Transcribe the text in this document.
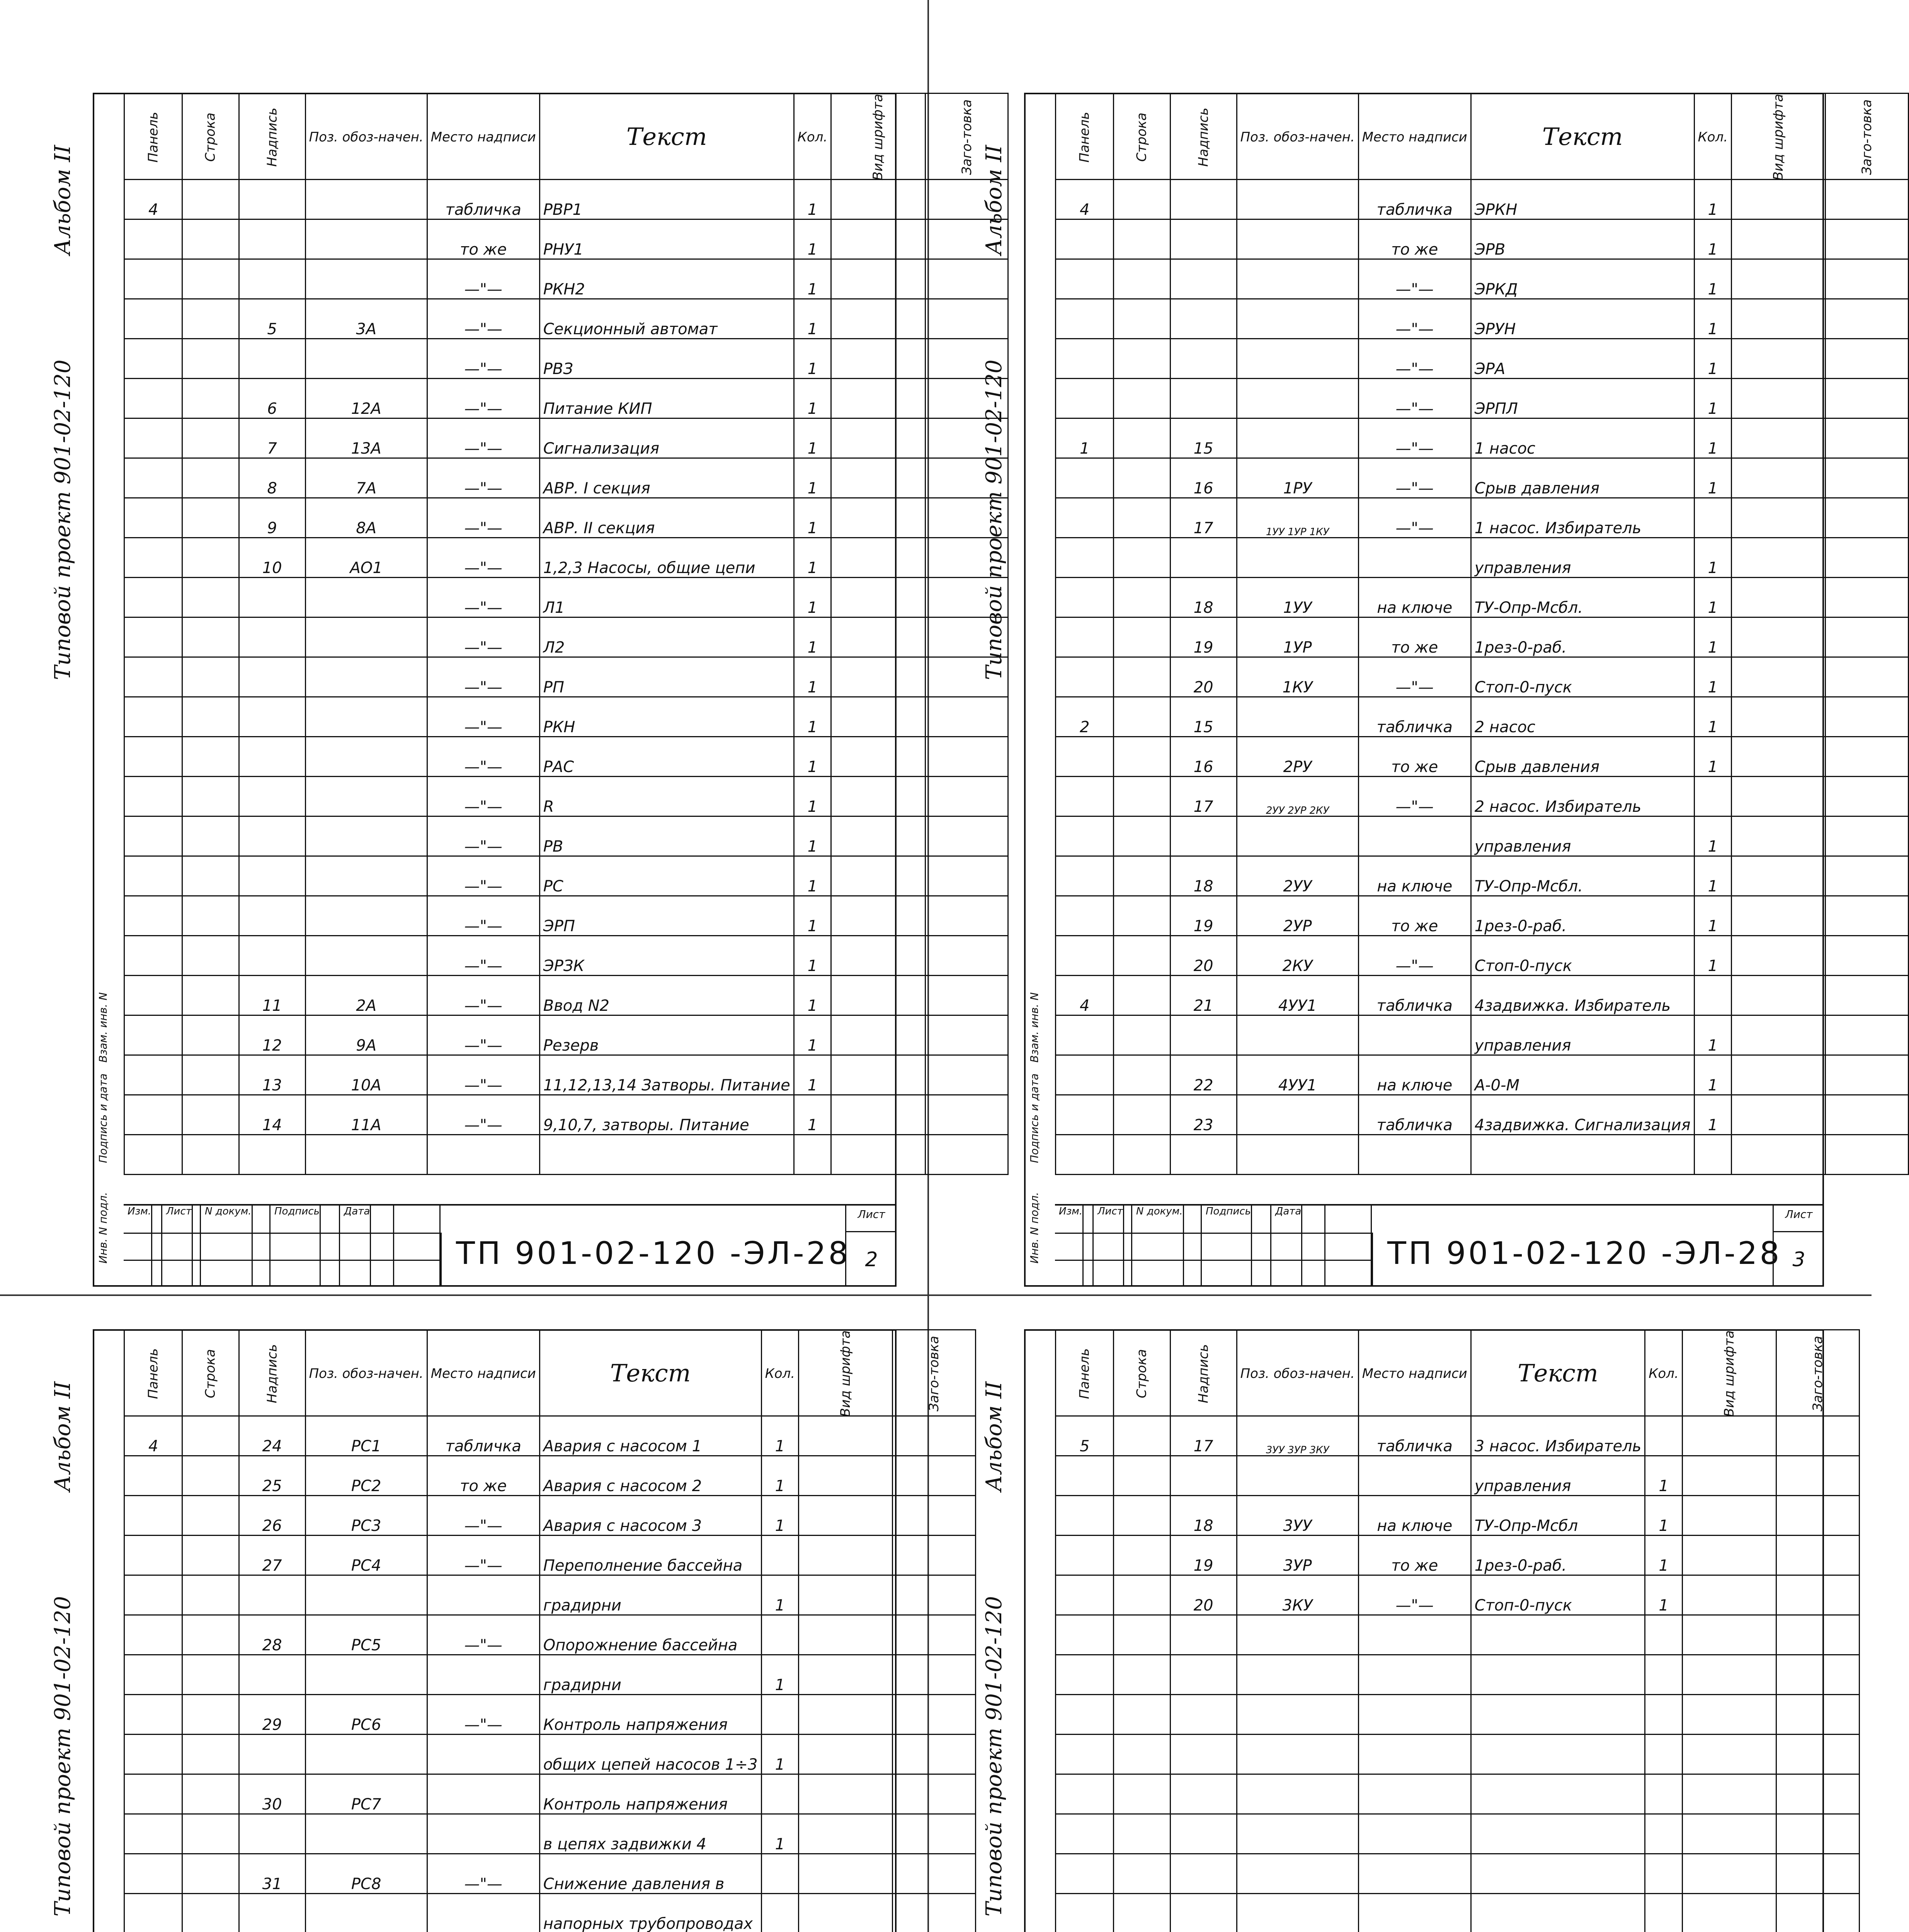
Альбом II
Типовой проект 901-02-120
Инв. N подл.
Подпись и дата
Взам. инв. N
Панель	Строка	Надпись	Поз. обоз-начен.	Место надписи	Текст	Кол.	Вид шрифта	Заго-товка
4				табличка	РВР1	1		
				то же	РНУ1	1		
				—"—	РКН2	1		
		5	3А	—"—	Секционный автомат	1		
				—"—	РВЗ	1		
		6	12А	—"—	Питание КИП	1		
		7	13А	—"—	Сигнализация	1		
		8	7А	—"—	АВР. I секция	1		
		9	8А	—"—	АВР. II секция	1		
		10	АО1	—"—	1,2,3 Насосы, общие цепи	1		
				—"—	Л1	1		
				—"—	Л2	1		
				—"—	РП	1		
				—"—	РКН	1		
				—"—	РАС	1		
				—"—	R	1		
				—"—	РВ	1		
				—"—	РС	1		
				—"—	ЭРП	1		
				—"—	ЭРЗК	1		
		11	2А	—"—	Ввод N2	1		
		12	9А	—"—	Резерв	1		
		13	10А	—"—	11,12,13,14 Затворы. Питание	1		
		14	11А	—"—	9,10,7, затворы. Питание	1		

Изм. Лист N докум. Подпись Дата
ТП 901-02-120 -ЭЛ-28
Лист
2
Альбом II
Типовой проект 901-02-120
Инв. N подл.
Подпись и дата
Взам. инв. N
Панель	Строка	Надпись	Поз. обоз-начен.	Место надписи	Текст	Кол.	Вид шрифта	Заго-товка
4				табличка	ЭРКН	1		
				то же	ЭРВ	1		
				—"—	ЭРКД	1		
				—"—	ЭРУН	1		
				—"—	ЭРА	1		
				—"—	ЭРПЛ	1		
1		15		—"—	1 насос	1		
		16	1РУ	—"—	Срыв давления	1		
		17	1УУ 1УР 1КУ	—"—	1 насос. Избиратель			
					управления	1		
		18	1УУ	на ключе	ТУ-Опр-Мсбл.	1		
		19	1УР	то же	1рез-0-раб.	1		
		20	1КУ	—"—	Стоп-0-пуск	1		
2		15		табличка	2 насос	1		
		16	2РУ	то же	Срыв давления	1		
		17	2УУ 2УР 2КУ	—"—	2 насос. Избиратель			
					управления	1		
		18	2УУ	на ключе	ТУ-Опр-Мсбл.	1		
		19	2УР	то же	1рез-0-раб.	1		
		20	2КУ	—"—	Стоп-0-пуск	1		
4		21	4УУ1	табличка	4задвижка. Избиратель			
					управления	1		
		22	4УУ1	на ключе	А-0-М	1		
		23		табличка	4задвижка. Сигнализация	1		

Изм. Лист N докум. Подпись Дата
ТП 901-02-120 -ЭЛ-28
Лист
3
Альбом II
Типовой проект 901-02-120
Панель	Строка	Надпись	Поз. обоз-начен.	Место надписи	Текст	Кол.	Вид шрифта	Заго-товка
4		24	РС1	табличка	Авария с насосом 1	1		
		25	РС2	то же	Авария с насосом 2	1		
		26	РС3	—"—	Авария с насосом 3	1		
		27	РС4	—"—	Переполнение бассейна			
					градирни	1		
		28	РС5	—"—	Опорожнение бассейна			
					градирни	1		
		29	РС6	—"—	Контроль напряжения			
					общих цепей насосов 1÷3	1		
		30	РС7		Контроль напряжения			
					в цепях задвижки 4	1		
		31	РС8	—"—	Снижение давления в			
					напорных трубопроводах			

Альбом II
Типовой проект 901-02-120
Панель	Строка	Надпись	Поз. обоз-начен.	Место надписи	Текст	Кол.	Вид шрифта	Заго-товка
5		17	3УУ 3УР 3КУ	табличка	3 насос. Избиратель			
					управления	1		
		18	3УУ	на ключе	ТУ-Опр-Мсбл	1		
		19	3УР	то же	1рез-0-раб.	1		
		20	3КУ	—"—	Стоп-0-пуск	1		
